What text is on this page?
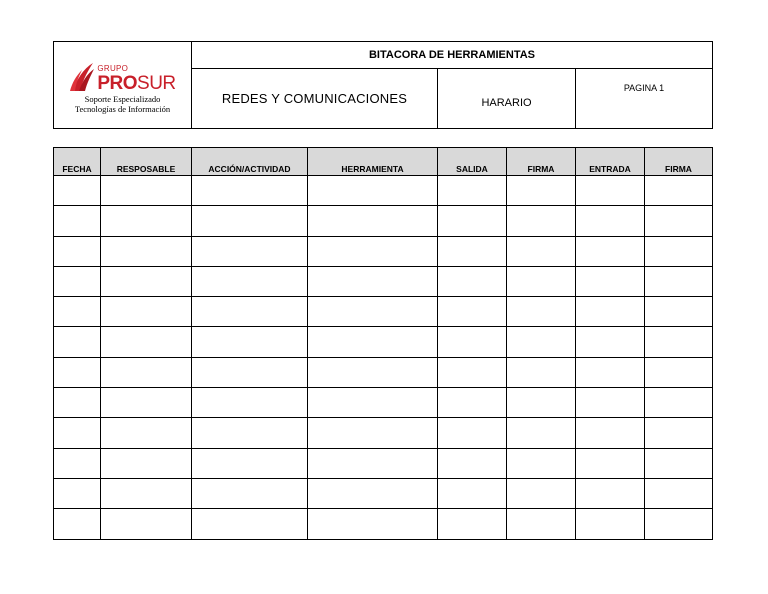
GRUPO
PROSUR
Soporte Especializado
Tecnologías de Información	BITACORA DE HERRAMIENTAS		
	REDES Y COMUNICACIONES	HARARIO	PAGINA 1
FECHA	RESPOSABLE	ACCIÓN/ACTIVIDAD	HERRAMIENTA	SALIDA	FIRMA	ENTRADA	FIRMA
